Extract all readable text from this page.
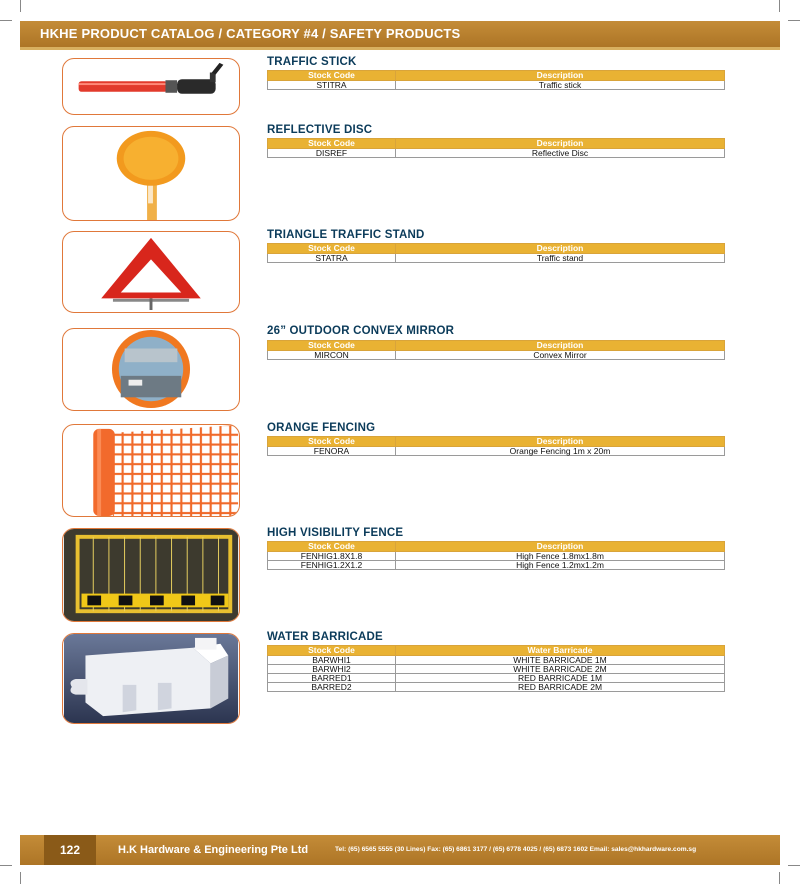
HKHE PRODUCT CATALOG / CATEGORY #4 / SAFETY PRODUCTS
TRAFFIC STICK
Stock Code	Description
STITRA	Traffic stick
REFLECTIVE DISC
Stock Code	Description
DISREF	Reflective Disc
TRIANGLE TRAFFIC STAND
Stock Code	Description
STATRA	Traffic stand
26” OUTDOOR CONVEX MIRROR
Stock Code	Description
MIRCON	Convex Mirror
ORANGE FENCING
Stock Code	Description
FENORA	Orange Fencing 1m x 20m
HIGH VISIBILITY FENCE
Stock Code	Description
FENHIG1.8X1.8	High Fence 1.8mx1.8m
FENHIG1.2X1.2	High Fence 1.2mx1.2m
WATER BARRICADE
Stock Code	Water Barricade
BARWHI1	WHITE BARRICADE 1M
BARWHI2	WHITE BARRICADE 2M
BARRED1	RED BARRICADE 1M
BARRED2	RED BARRICADE 2M
122	H.K Hardware & Engineering Pte Ltd	Tel: (65) 6565 5555 (30 Lines) Fax: (65) 6861 3177 / (65) 6778 4025 / (65) 6873 1602 Email: sales@hkhardware.com.sg
